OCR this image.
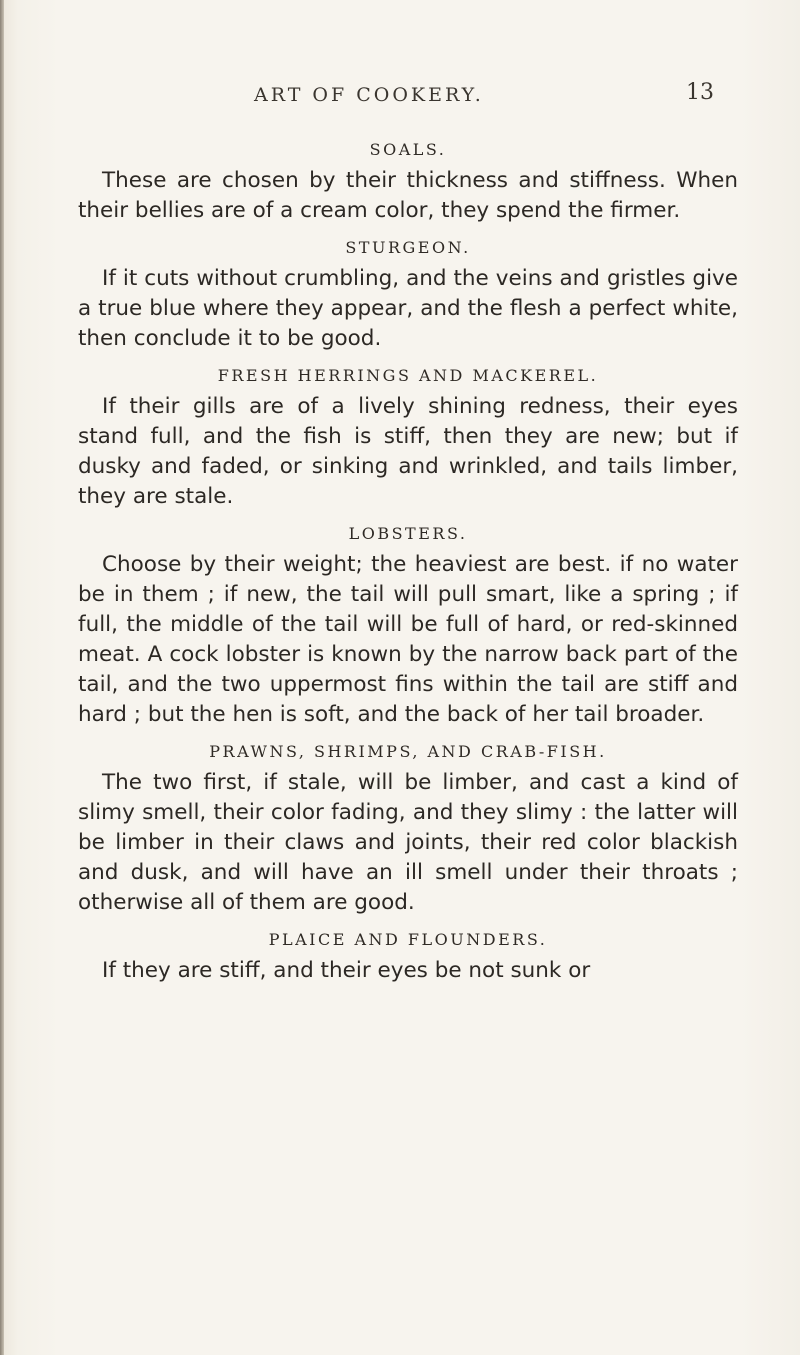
ART OF COOKERY.	13
SOALS.

These are chosen by their thickness and stiffness. When their bellies are of a cream color, they spend the firmer.

STURGEON.

If it cuts without crumbling, and the veins and gristles give a true blue where they appear, and the flesh a perfect white, then conclude it to be good.

FRESH HERRINGS AND MACKEREL.

If their gills are of a lively shining redness, their eyes stand full, and the fish is stiff, then they are new; but if dusky and faded, or sinking and wrinkled, and tails limber, they are stale.

LOBSTERS.

Choose by their weight; the heaviest are best. if no water be in them ; if new, the tail will pull smart, like a spring ; if full, the middle of the tail will be full of hard, or red-skinned meat. A cock lobster is known by the narrow back part of the tail, and the two uppermost fins within the tail are stiff and hard ; but the hen is soft, and the back of her tail broader.

PRAWNS, SHRIMPS, AND CRAB-FISH.

The two first, if stale, will be limber, and cast a kind of slimy smell, their color fading, and they slimy : the latter will be limber in their claws and joints, their red color blackish and dusk, and will have an ill smell under their throats ; otherwise all of them are good.

PLAICE AND FLOUNDERS.

If they are stiff, and their eyes be not sunk or
